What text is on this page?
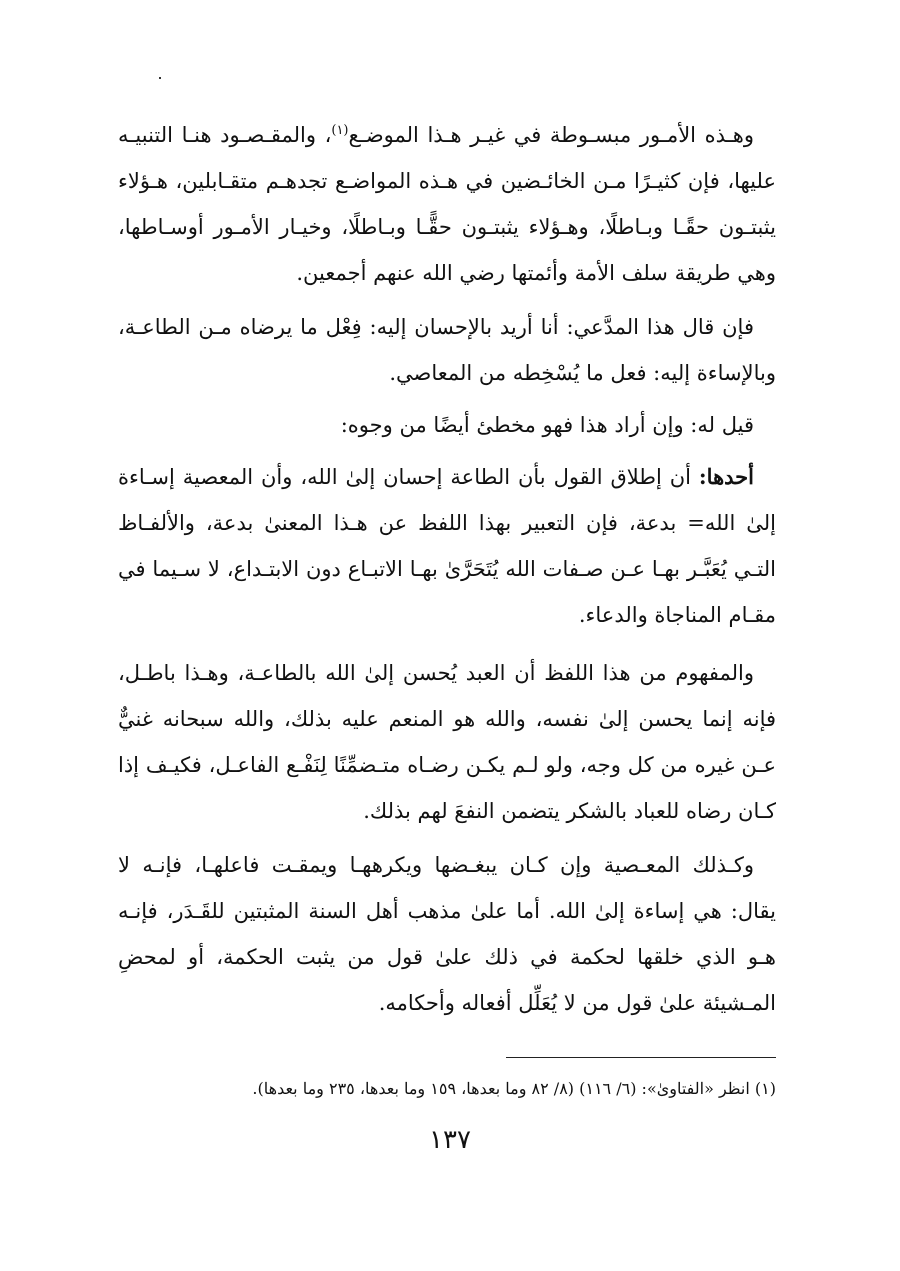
وهـذه الأمـور مبسـوطة في غيـر هـذا الموضـع$^{(١)}$، والمقـصـود هنـا التنبيـه عليها، فإن كثيـرًا مـن الخائـضين في هـذه المواضـع تجدهـم متقـابلين، هـؤلاء يثبتـون حقًـا وبـاطلًا، وهـؤلاء يثبتـون حقًّـا وبـاطلًا، وخيـار الأمـور أوسـاطها، وهي طريقة سلف الأمة وأئمتها رضي الله عنهم أجمعين.

فإن قال هذا المدَّعي: أنا أريد بالإحسان إليه: فِعْل ما يرضاه مـن الطاعـة، وبالإساءة إليه: فعل ما يُسْخِطه من المعاصي.

قيل له: وإن أراد هذا فهو مخطئ أيضًا من وجوه:

أحدها: أن إطلاق القول بأن الطاعة إحسان إلىٰ الله، وأن المعصية إسـاءة إلىٰ الله= بدعة، فإن التعبير بهذا اللفظ عن هـذا المعنىٰ بدعة، والألفـاظ التـي يُعَبَّـر بهـا عـن صـفات الله يُتَحَرَّىٰ بهـا الاتبـاع دون الابتـداع، لا سـيما في مقـام المناجاة والدعاء.

والمفهوم من هذا اللفظ أن العبد يُحسن إلىٰ الله بالطاعـة، وهـذا باطـل، فإنه إنما يحسن إلىٰ نفسه، والله هو المنعم عليه بذلك، والله سبحانه غنيٌّ عـن غيره من كل وجه، ولو لـم يكـن رضـاه متـضمِّنًا لِنَفْـع الفاعـل، فكيـف إذا كـان رضاه للعباد بالشكر يتضمن النفعَ لهم بذلك.

وكـذلك المعـصية وإن كـان يبغـضها ويكرههـا ويمقـت فاعلهـا، فإنـه لا يقال: هي إساءة إلىٰ الله. أما علىٰ مذهب أهل السنة المثبتين للقَـدَر، فإنـه هـو الذي خلقها لحكمة في ذلك علىٰ قول من يثبت الحكمة، أو لمحضِ المـشيئة علىٰ قول من لا يُعَلِّل أفعاله وأحكامه.

(١) انظر «الفتاوىٰ»: (٦/ ١١٦) (٨/ ٨٢ وما بعدها، ١٥٩ وما بعدها، ٢٣٥ وما بعدها).
١٣٧
